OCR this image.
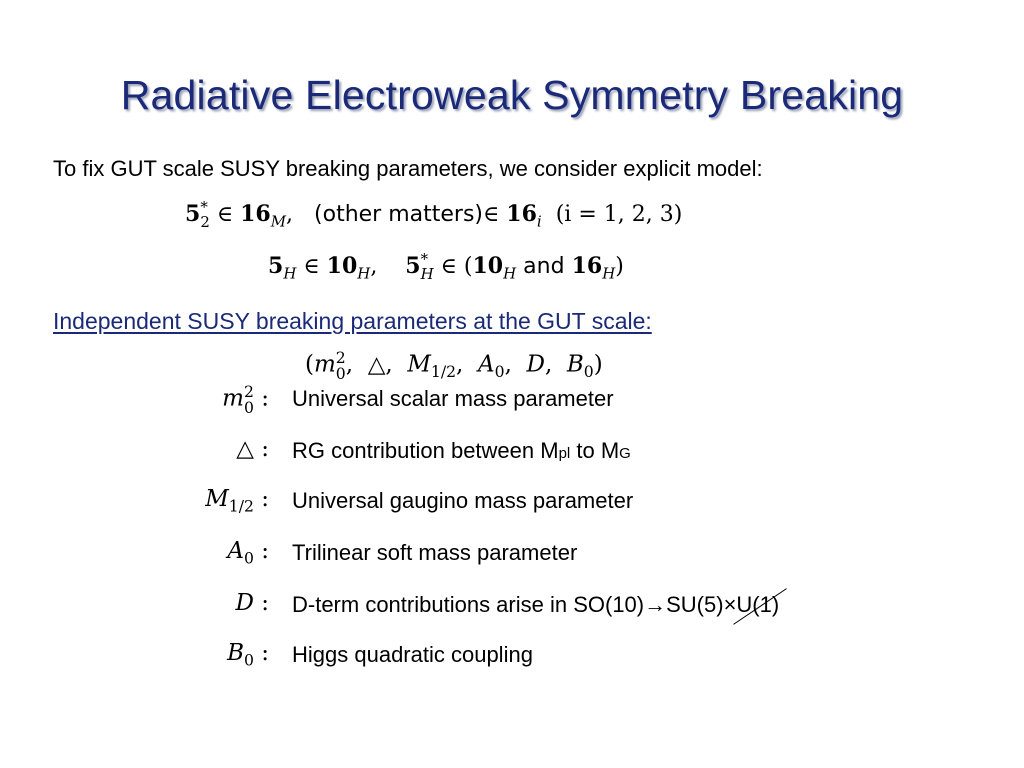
Radiative Electroweak Symmetry Breaking
To fix GUT scale SUSY breaking parameters, we consider explicit model:
5 *
2 ∈ $16_M$,   (other matters)∈ $16_i$  (i = 1, 2, 3)
$5_H$ ∈ $10_H$,    5 *
H ∈ ($10_H$ and $16_H$)
Independent SUSY breaking parameters at the GUT scale:
(m 2
0 ,  △,  $M_{1/2}$,  $A_0$,  D,  $B_0$)
m 2
0 : Universal scalar mass parameter
△ : RG contribution between Mpl to MG
$M_{1/2}$ : Universal gaugino mass parameter
$A_0$ : Trilinear soft mass parameter
D : D-term contributions arise in SO(10)→SU(5)×U(1)
$B_0$ : Higgs quadratic coupling
